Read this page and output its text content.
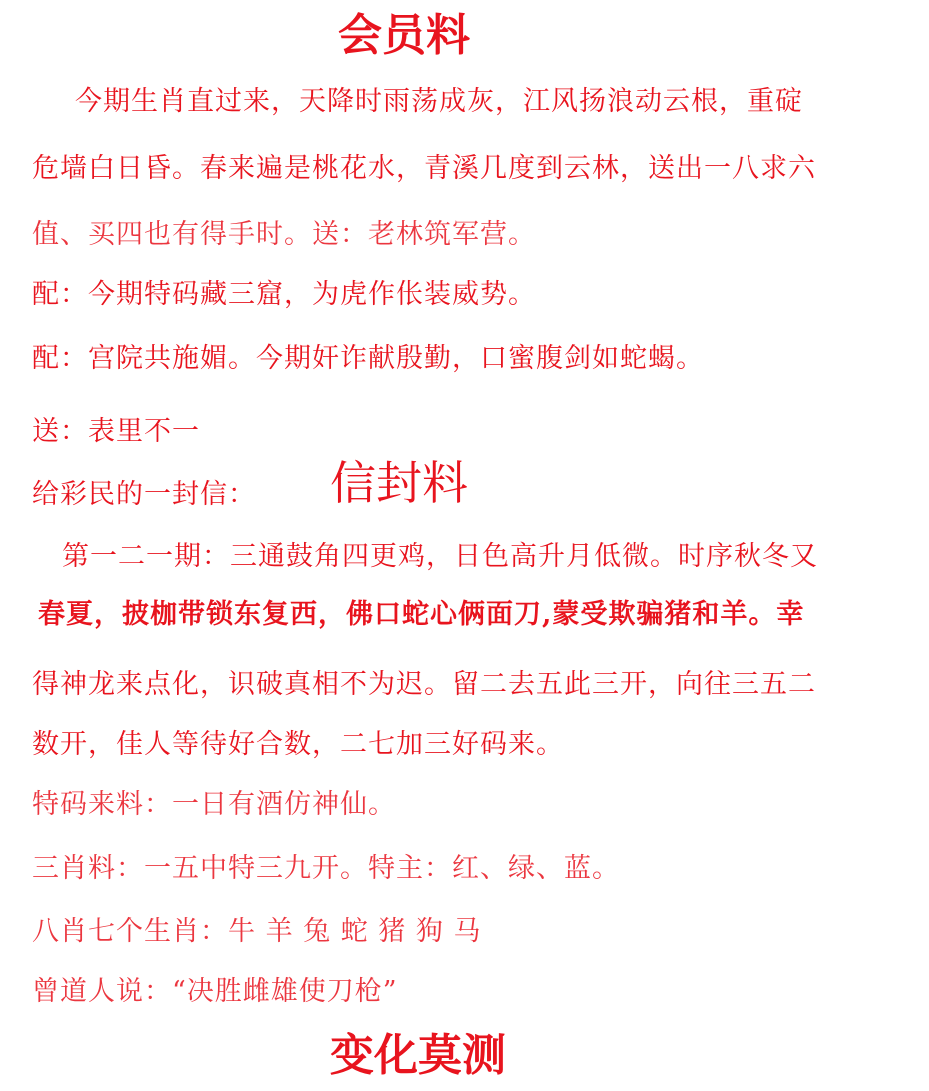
会员料
今期生肖直过来，天降时雨荡成灰，江风扬浪动云根，重碇
危墙白日昏。春来遍是桃花水，青溪几度到云林，送出一八求六
值、买四也有得手时。送：老林筑军营。
配：今期特码藏三窟，为虎作伥装威势。
配：宫院共施媚。今期奸诈献殷勤，口蜜腹剑如蛇蝎。
送：表里不一
给彩民的一封信： 信封料
第一二一期：三通鼓角四更鸡，日色高升月低微。时序秋冬又
春夏，披枷带锁东复西，佛口蛇心俩面刀,蒙受欺骗猪和羊。幸
得神龙来点化，识破真相不为迟。留二去五此三开，向往三五二
数开，佳人等待好合数，二七加三好码来。
特码来料：一日有酒仿神仙。
三肖料：一五中特三九开。特主：红、绿、蓝。
八肖七个生肖：牛 羊 兔 蛇 猪 狗 马
曾道人说：“决胜雌雄使刀枪”
变化莫测
